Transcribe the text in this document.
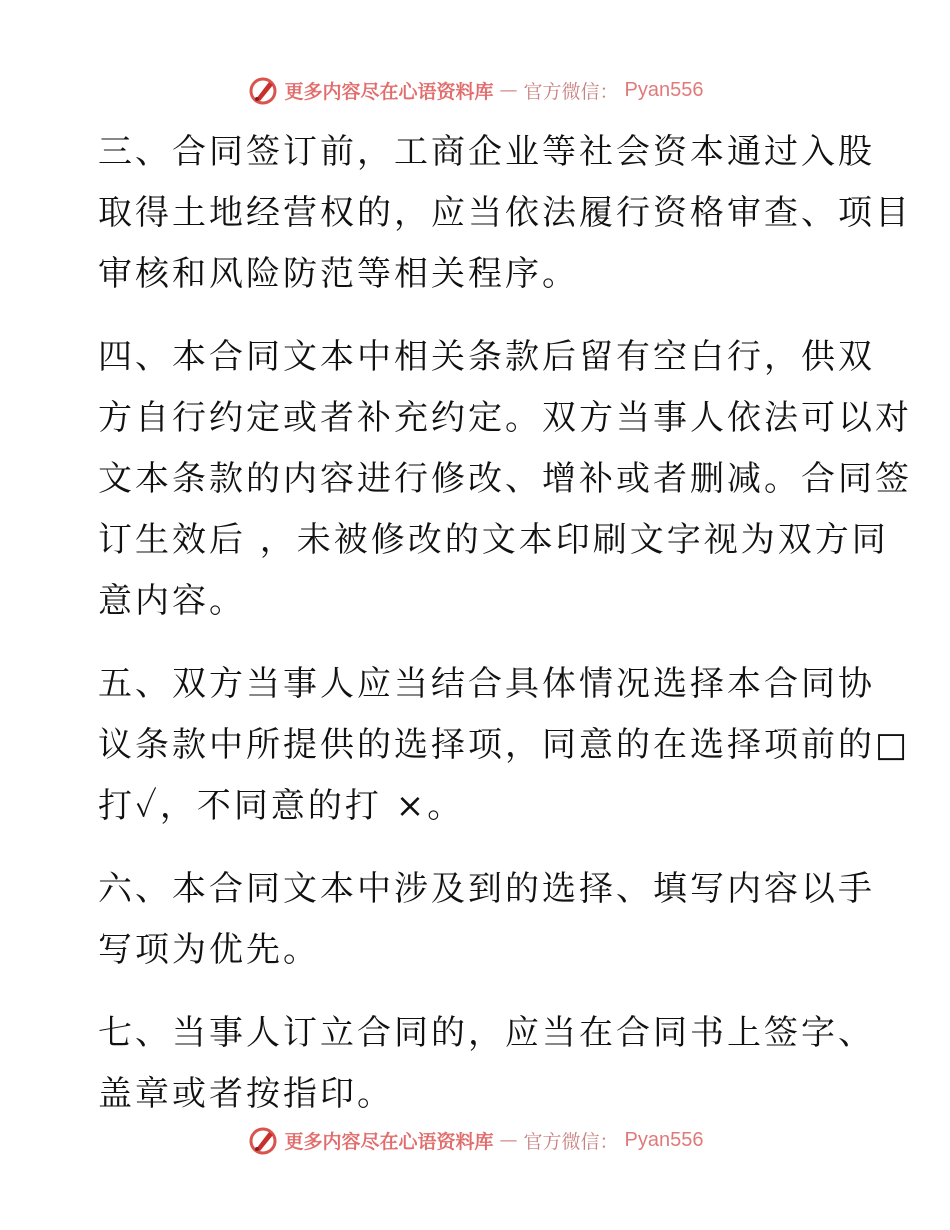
更多内容尽在心语资料库 — 官方微信： Pyan556

三、合同签订前，工商企业等社会资本通过入股
取得土地经营权的，应当依法履行资格审查、项目
审核和风险防范等相关程序。

四、本合同文本中相关条款后留有空白行，供双
方自行约定或者补充约定。双方当事人依法可以对
文本条款的内容进行修改、增补或者删减。合同签
订生效后 ，未被修改的文本印刷文字视为双方同
意内容。

五、双方当事人应当结合具体情况选择本合同协
议条款中所提供的选择项，同意的在选择项前的□
打✓，不同意的打 ×。

六、本合同文本中涉及到的选择、填写内容以手
写项为优先。

七、当事人订立合同的，应当在合同书上签字、
盖章或者按指印。

更多内容尽在心语资料库 — 官方微信： Pyan556
